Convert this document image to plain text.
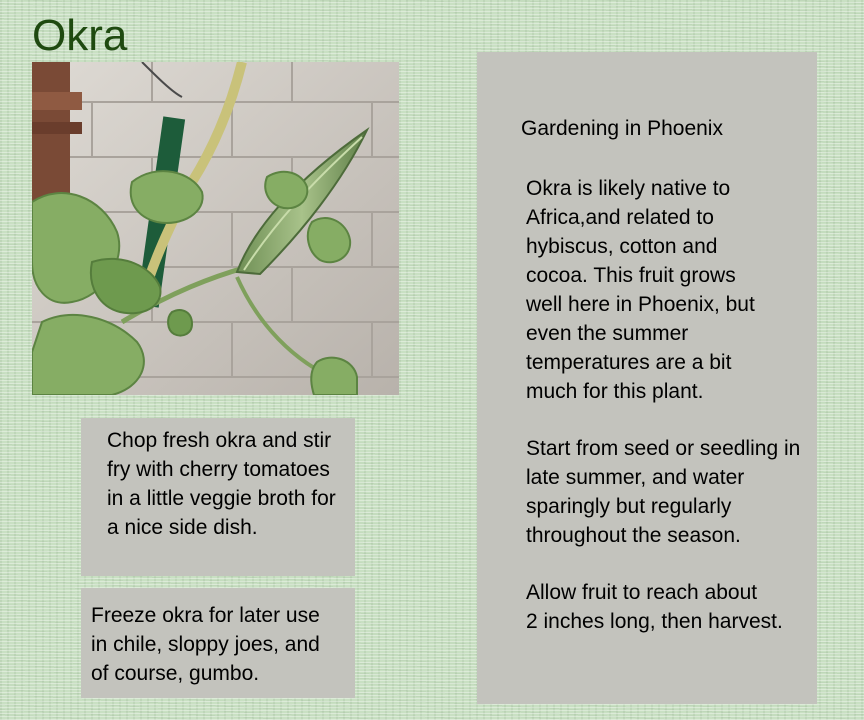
Okra
Gardening in Phoenix

Okra is likely native to Africa,and related to hybiscus, cotton and cocoa. This fruit grows well here in Phoenix, but even the summer temperatures are a bit much for this plant.

Start from seed or seedling in late summer, and water sparingly but regularly throughout the season.

Allow fruit to reach about
2 inches long, then harvest.

Chop fresh okra and stir fry with cherry tomatoes in a little veggie broth for a nice side dish.

Freeze okra for later use
in chile, sloppy joes, and
of course, gumbo.
